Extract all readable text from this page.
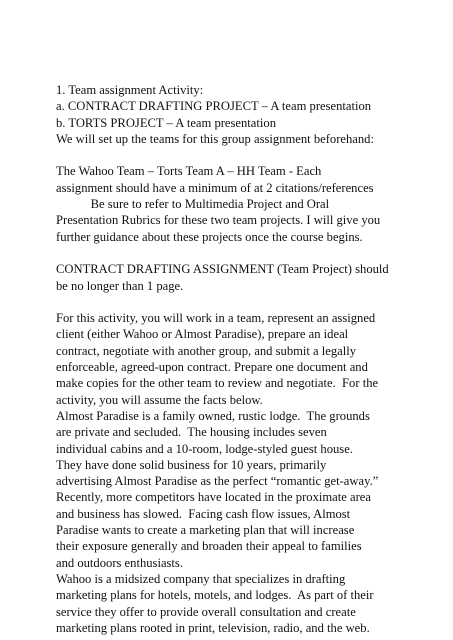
1. Team assignment Activity:
a. CONTRACT DRAFTING PROJECT – A team presentation
b. TORTS PROJECT – A team presentation
We will set up the teams for this group assignment beforehand:
The Wahoo Team – Torts Team A – HH Team - Each
assignment should have a minimum of at 2 citations/references
Be sure to refer to Multimedia Project and Oral
Presentation Rubrics for these two team projects. I will give you
further guidance about these projects once the course begins.
CONTRACT DRAFTING ASSIGNMENT (Team Project) should
be no longer than 1 page.
For this activity, you will work in a team, represent an assigned
client (either Wahoo or Almost Paradise), prepare an ideal
contract, negotiate with another group, and submit a legally
enforceable, agreed-upon contract. Prepare one document and
make copies for the other team to review and negotiate.  For the
activity, you will assume the facts below.
Almost Paradise is a family owned, rustic lodge.  The grounds
are private and secluded.  The housing includes seven
individual cabins and a 10-room, lodge-styled guest house.
They have done solid business for 10 years, primarily
advertising Almost Paradise as the perfect “romantic get-away.”
Recently, more competitors have located in the proximate area
and business has slowed.  Facing cash flow issues, Almost
Paradise wants to create a marketing plan that will increase
their exposure generally and broaden their appeal to families
and outdoors enthusiasts.
Wahoo is a midsized company that specializes in drafting
marketing plans for hotels, motels, and lodges.  As part of their
service they offer to provide overall consultation and create
marketing plans rooted in print, television, radio, and the web.
